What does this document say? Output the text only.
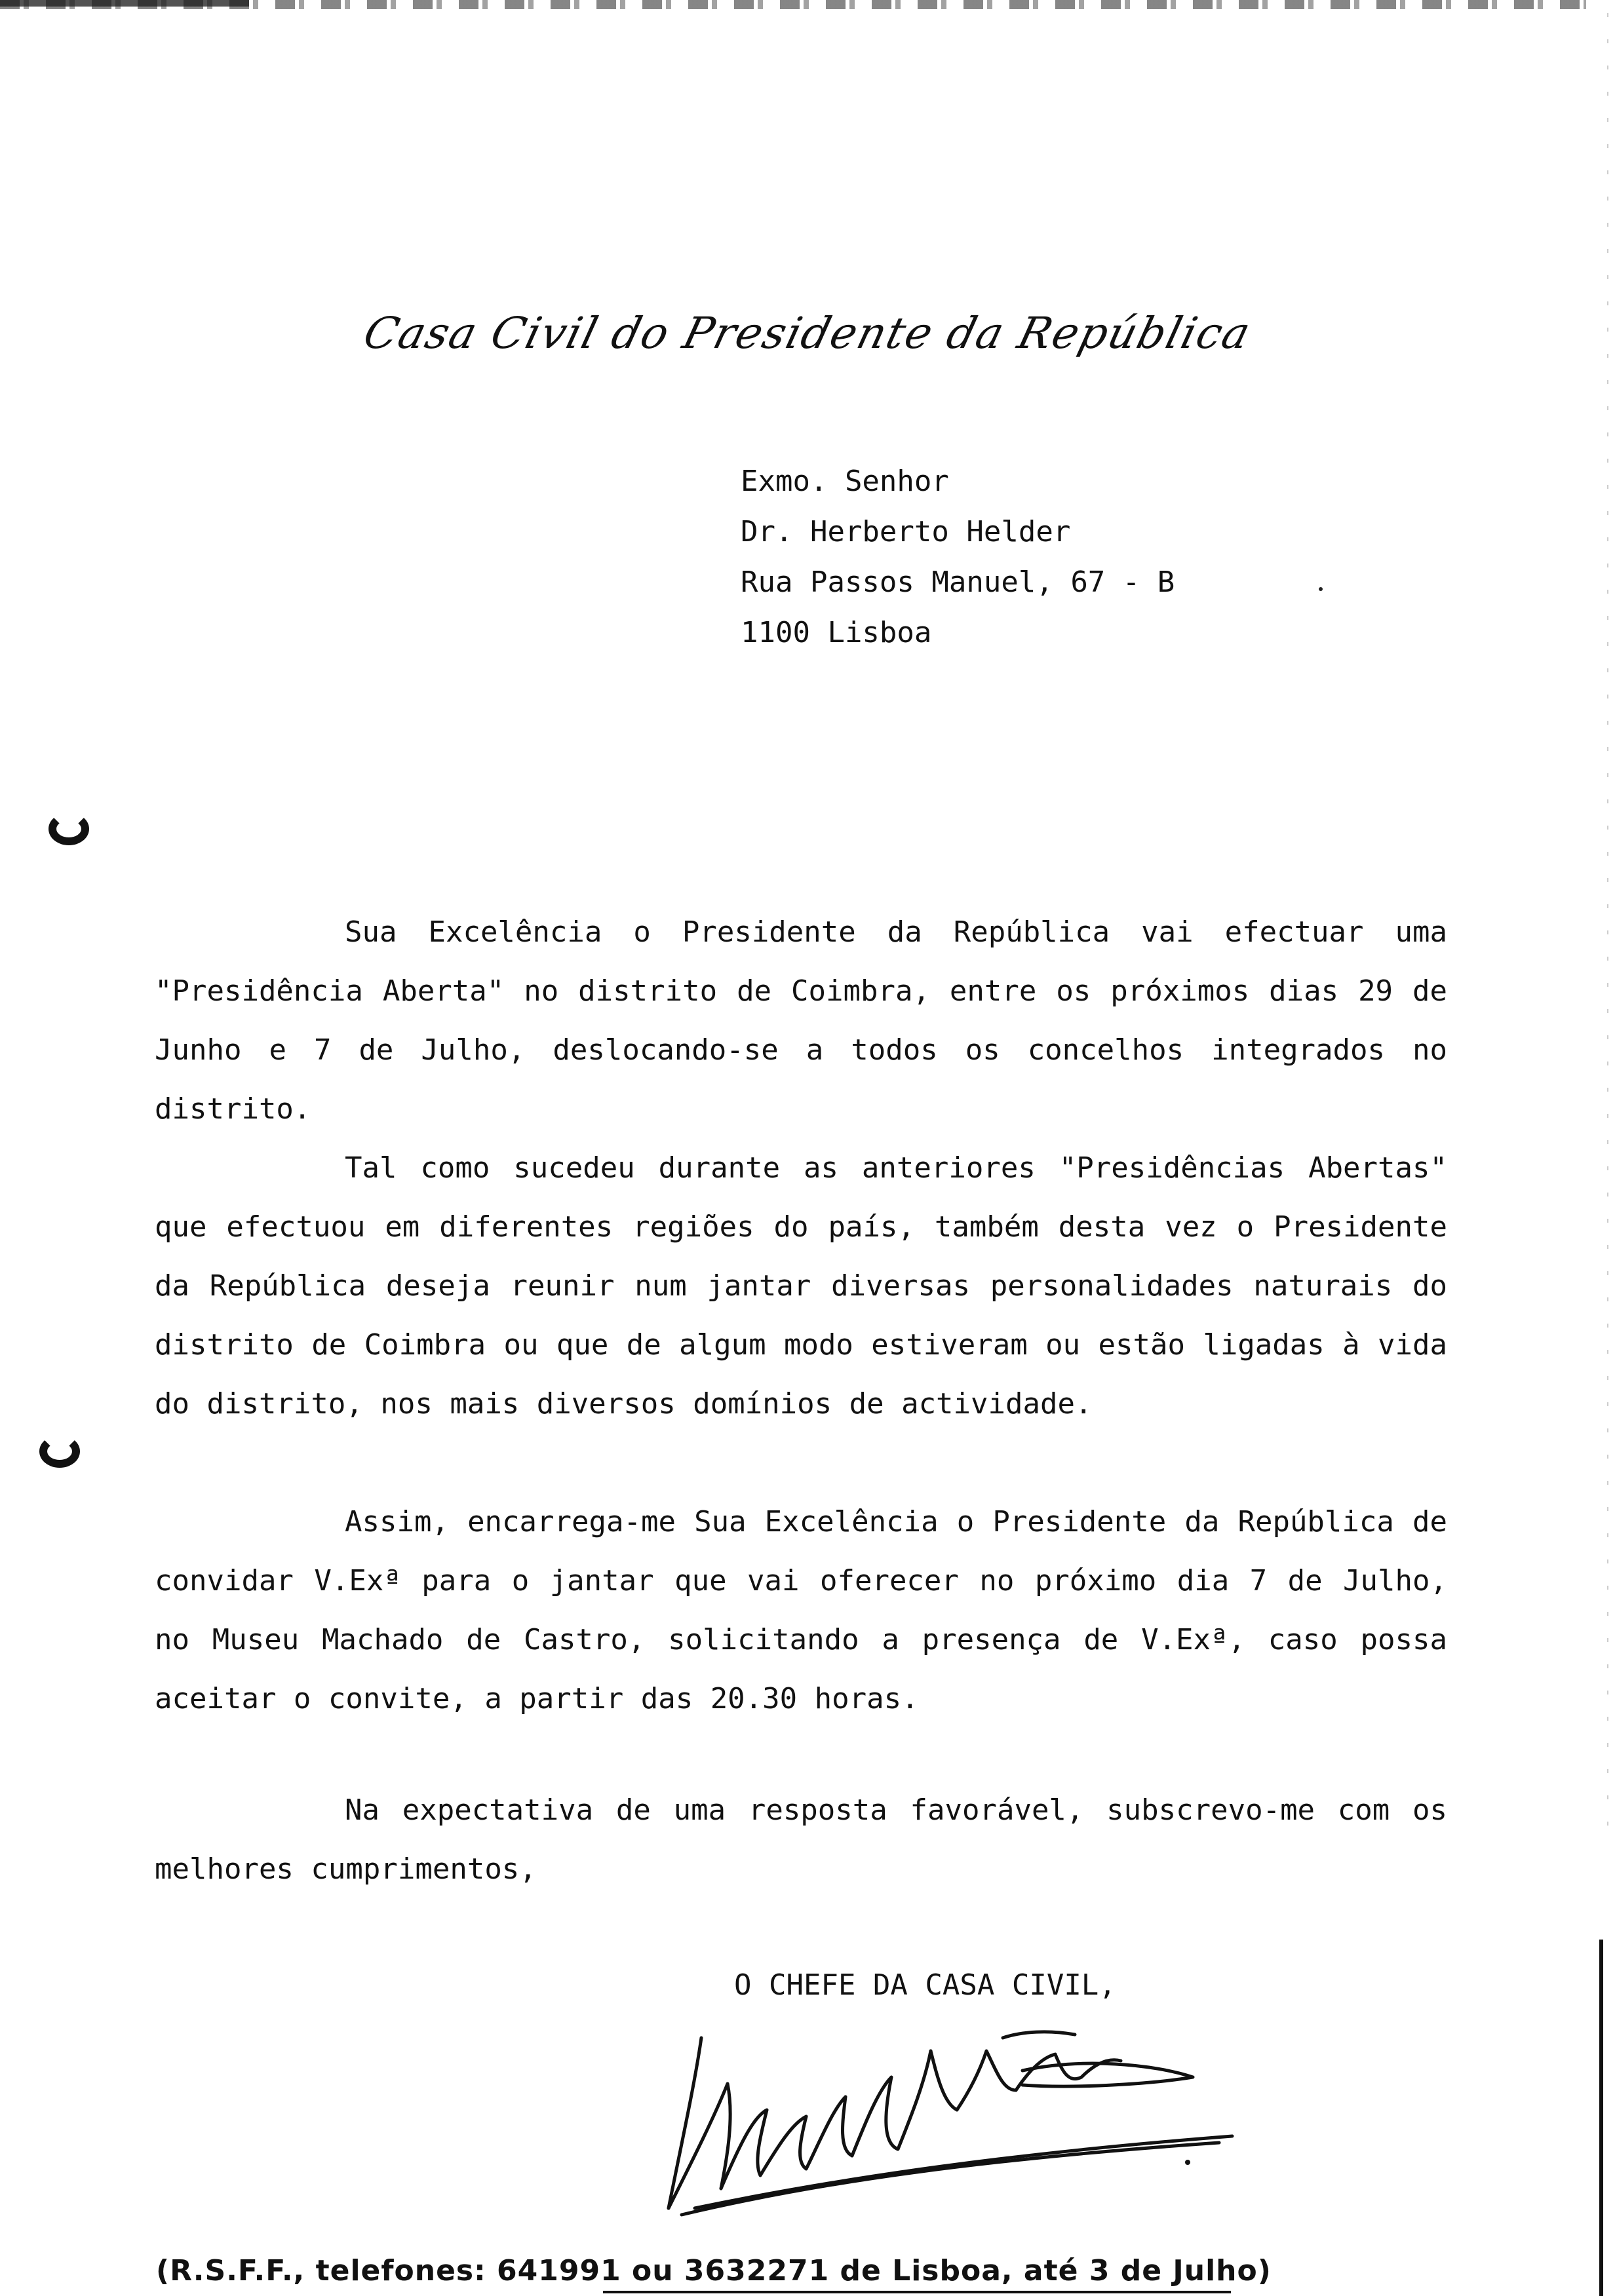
Casa Civil do Presidente da República
Exmo. Senhor
Dr. Herberto Helder
Rua Passos Manuel, 67 - B
1100 Lisboa
Sua Excelência o Presidente da República vai efectuar uma "Presidência Aberta" no distrito de Coimbra, entre os próximos dias 29 de Junho e 7 de Julho, deslocando-se a todos os concelhos integrados no distrito.
Tal como sucedeu durante as anteriores "Presidências Abertas" que efectuou em diferentes regiões do país, também desta vez o Presidente da República deseja reunir num jantar diversas personalidades naturais do distrito de Coimbra ou que de algum modo estiveram ou estão ligadas à vida do distrito, nos mais diversos domínios de actividade.
Assim, encarrega-me Sua Excelência o Presidente da República de convidar V.Exª para o jantar que vai oferecer no próximo dia 7 de Julho, no Museu Machado de Castro, solicitando a presença de V.Exª, caso possa aceitar o convite, a partir das 20.30 horas.
Na expectativa de uma resposta favorável, subscrevo-me com os melhores cumprimentos,
O CHEFE DA CASA CIVIL,
(R.S.F.F., telefones: 641991 ou 3632271 de Lisboa, até 3 de Julho)
